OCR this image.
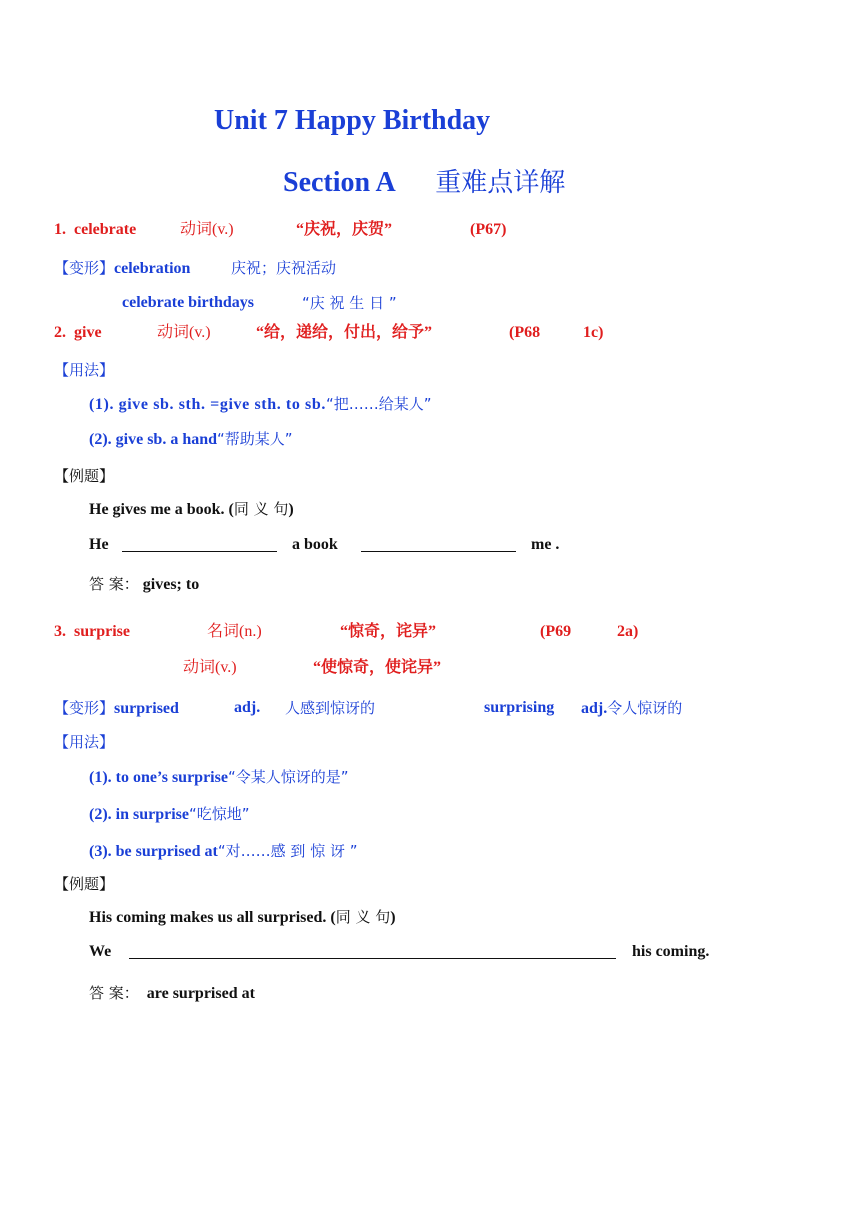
Unit 7 Happy Birthday
Section A 重难点详解
1. celebrate	动词(v.)	“庆祝，庆贺”	(P67)
【变形】celebration	庆祝；庆祝活动
celebrate birthdays	“庆 祝 生 日 ”
2. give	动词(v.)	“给，递给，付出，给予”	(P68	1c)
【用法】
(1). give sb. sth. =give sth. to sb.“把……给某人”
(2). give sb. a hand“帮助某人”
【例题】
He gives me a book. (同 义 句)
He	a book	me .
答 案： gives; to
3. surprise	名词(n.)	“惊奇，诧异”	(P69	2a)
动词(v.)	“使惊奇，使诧异”
【变形】surprised	adj. 人感到惊讶的	surprising adj.令人惊讶的
【用法】
(1). to one’s surprise“令某人惊讶的是”
(2). in surprise“吃惊地”
(3). be surprised at“对……感 到 惊 讶 ”
【例题】
His coming makes us all surprised. (同 义 句)
We	his coming.
答 案： are surprised at
